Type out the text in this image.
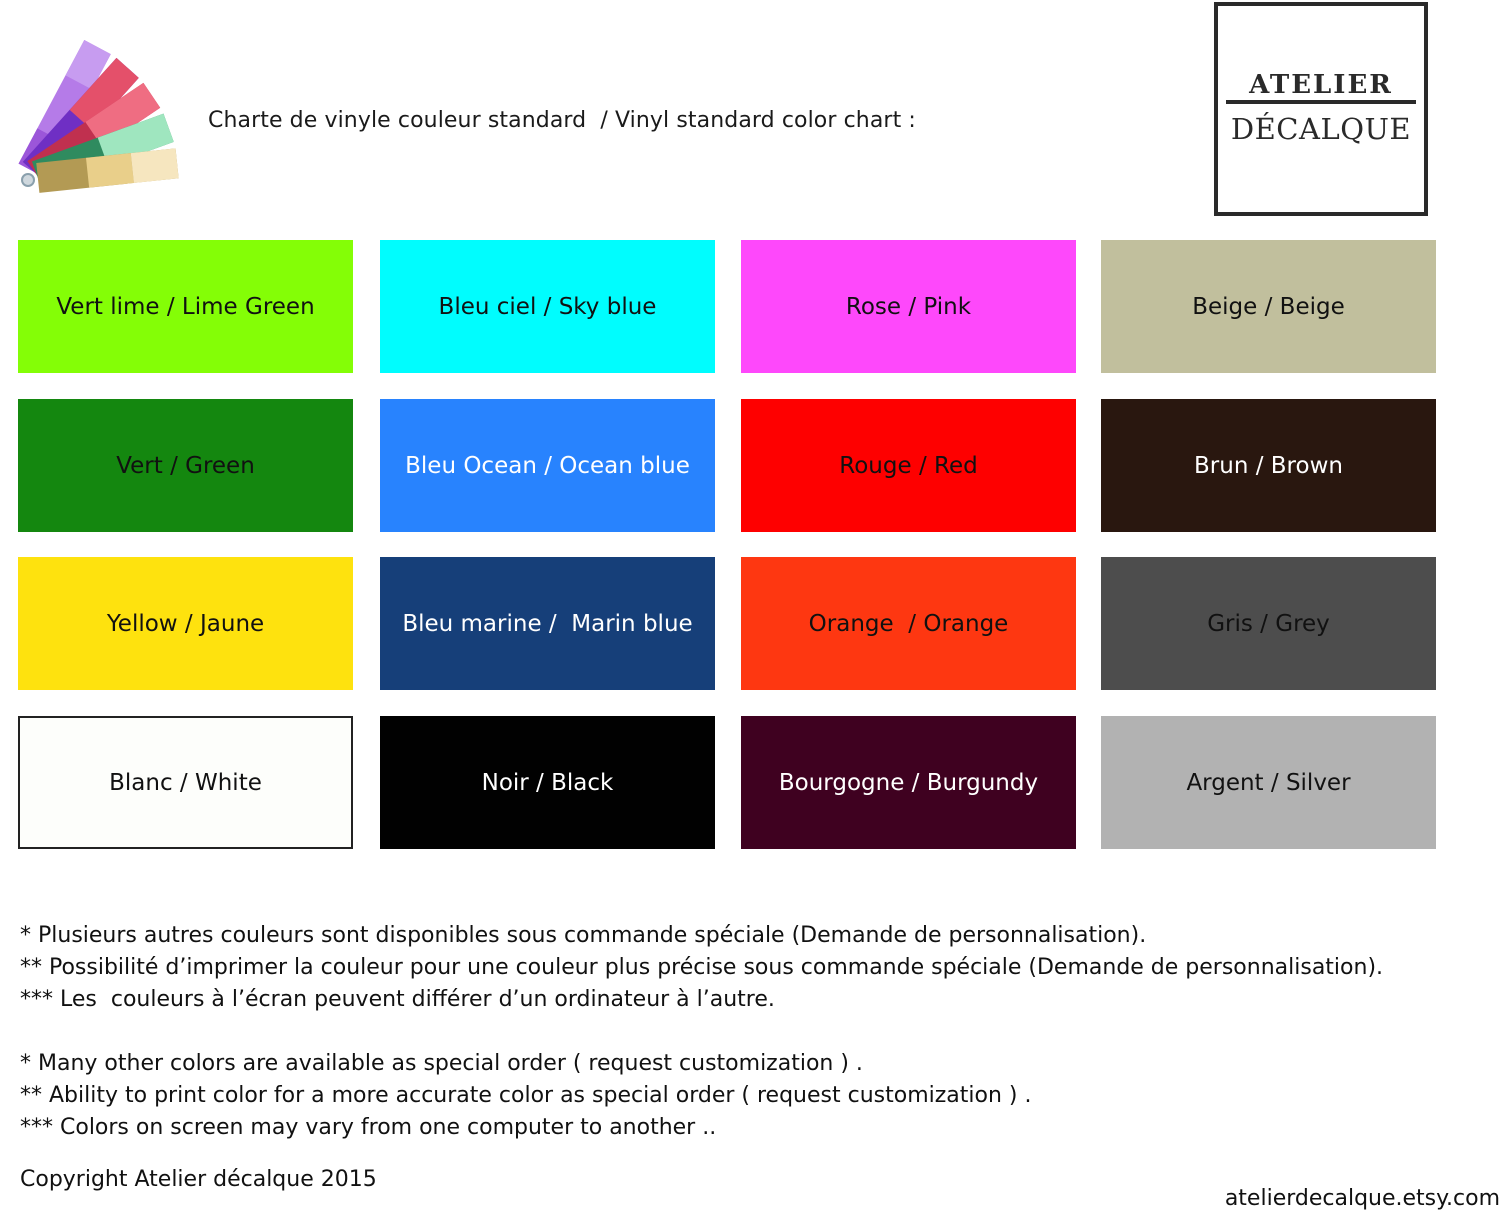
Charte de vinyle couleur standard  / Vinyl standard color chart :
ATELIER
DÉCALQUE
Vert lime / Lime Green	Bleu ciel / Sky blue	Rose / Pink	Beige / Beige
Vert / Green	Bleu Ocean / Ocean blue	Rouge / Red	Brun / Brown
Yellow / Jaune	Bleu marine /  Marin blue	Orange  / Orange	Gris / Grey
Blanc / White	Noir / Black	Bourgogne / Burgundy	Argent / Silver
* Plusieurs autres couleurs sont disponibles sous commande spéciale (Demande de personnalisation).
** Possibilité d’imprimer la couleur pour une couleur plus précise sous commande spéciale (Demande de personnalisation).
*** Les  couleurs à l’écran peuvent différer d’un ordinateur à l’autre.
* Many other colors are available as special order ( request customization ) .
** Ability to print color for a more accurate color as special order ( request customization ) .
*** Colors on screen may vary from one computer to another ..
Copyright Atelier décalque 2015
atelierdecalque.etsy.com
